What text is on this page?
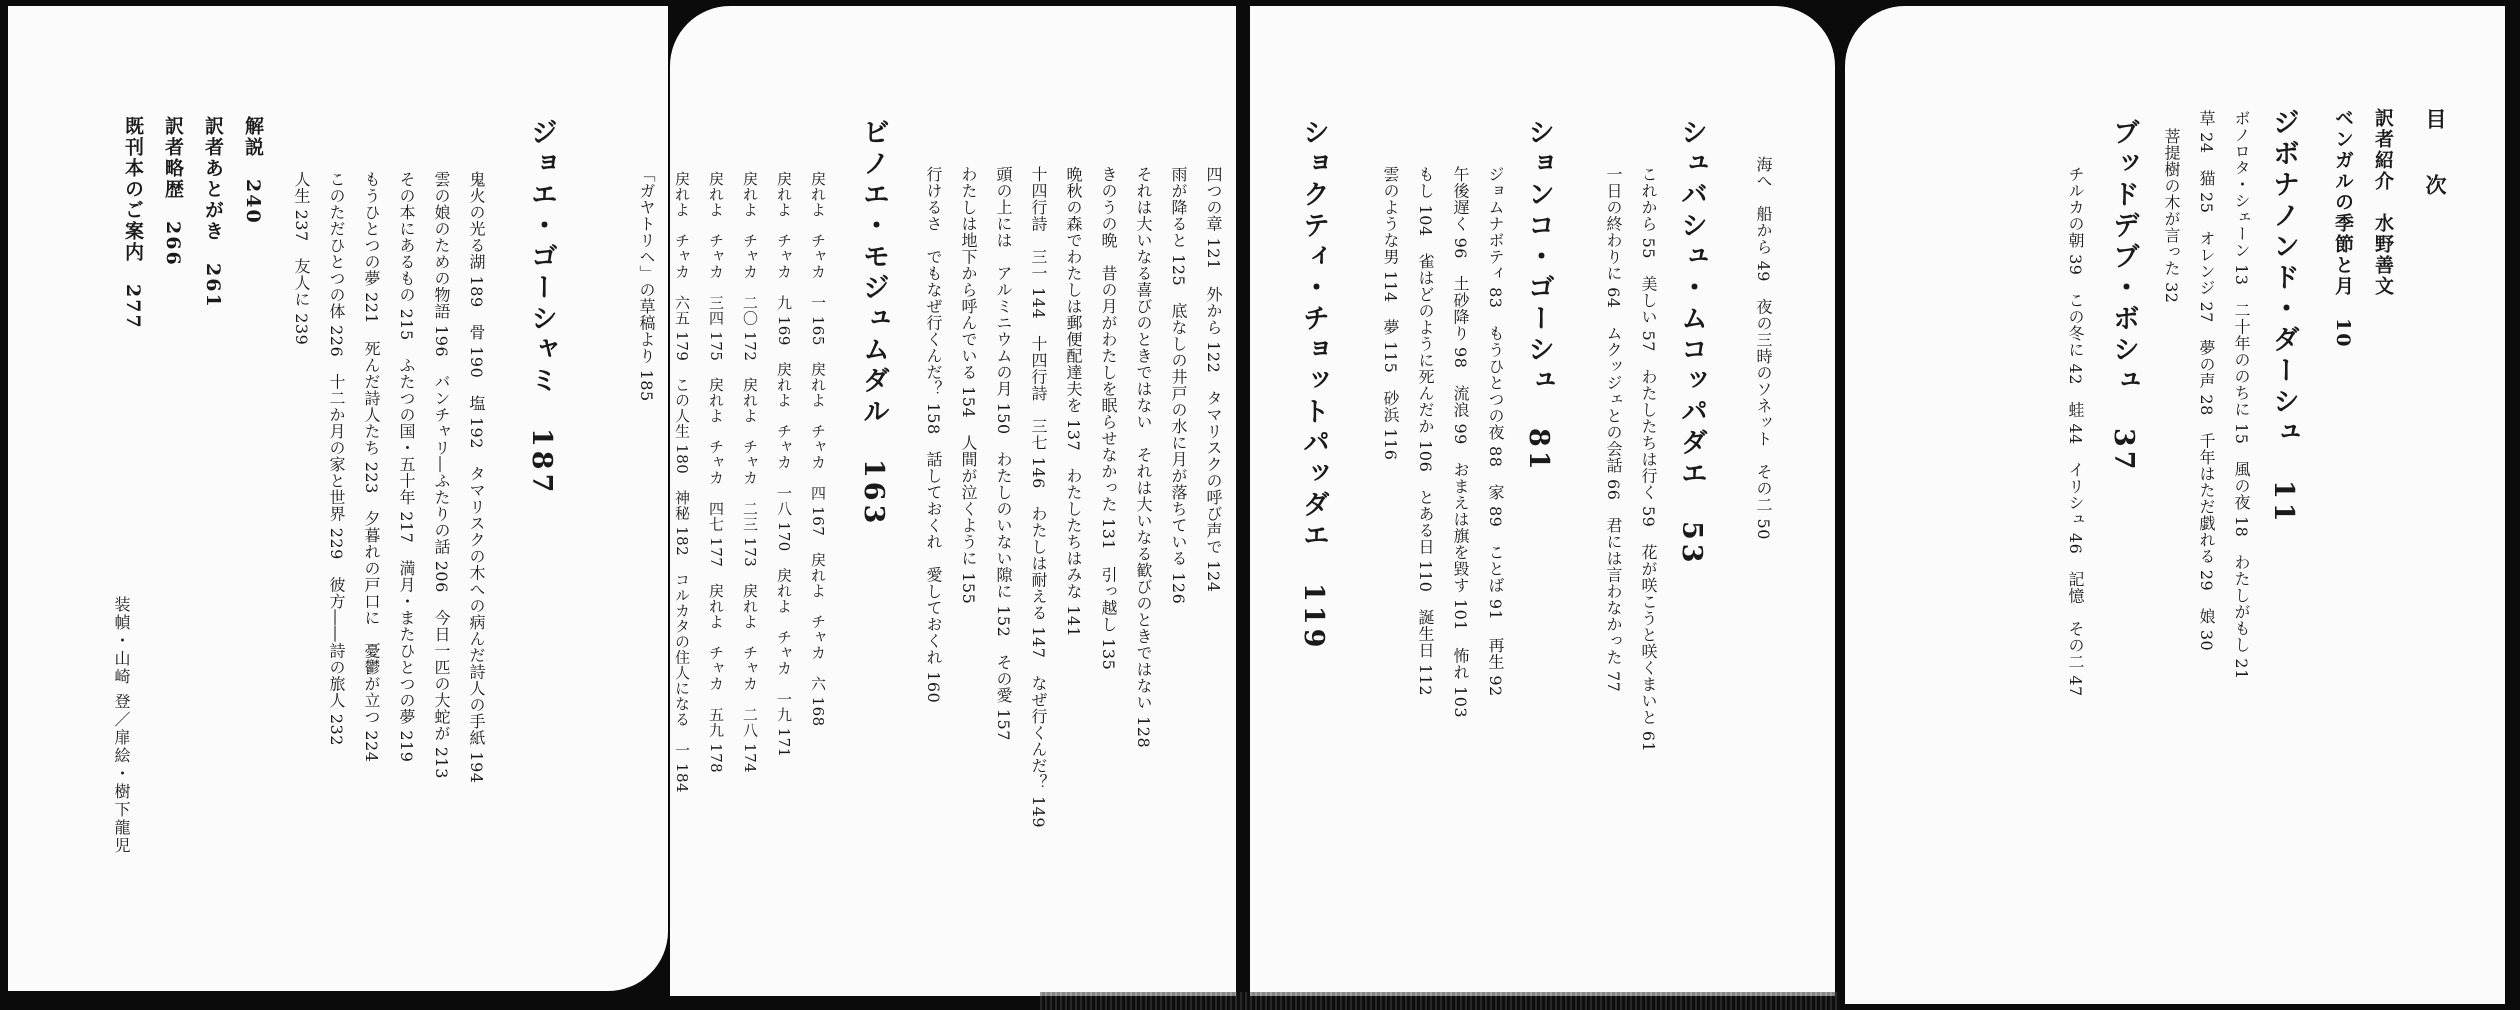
目　次
訳者紹介　水野善文
ベンガルの季節と月　10
ジボナノンド・ダーシュ　11
ボノロタ・シェーン 13　二十年ののちに 15　風の夜 18　わたしがもし 21
草 24　猫 25　オレンジ 27　夢の声 28　千年はただ戯れる 29　娘 30
菩提樹の木が言った 32
ブッドデブ・ボシュ　37
チルカの朝 39　この冬に 42　蛙 44　イリシュ 46　記憶　その二 47
海へ　船から 49　夜の三時のソネット　その二 50
シュバシュ・ムコッパダエ　53
これから 55　美しい 57　わたしたちは行く 59　花が咲こうと咲くまいと 61
一日の終わりに 64　ムクッジェとの会話 66　君には言わなかった 77
ションコ・ゴーシュ　81
ジョムナボティ 83　もうひとつの夜 88　家 89　ことば 91　再生 92
午後遅く 96　土砂降り 98　流浪 99　おまえは旗を毀す 101　怖れ 103
もし 104　雀はどのように死んだか 106　とある日 110　誕生日 112
雲のような男 114　夢 115　砂浜 116
ショクティ・チョットパッダエ　119
四つの章 121　外から 122　タマリスクの呼び声で 124
雨が降ると 125　底なしの井戸の水に月が落ちている 126
それは大いなる喜びのときではない　それは大いなる歓びのときではない 128
きのうの晩　昔の月がわたしを眠らせなかった 131　引っ越し 135
晩秋の森でわたしは郵便配達夫を 137　わたしたちはみな 141
十四行詩　三一 144　十四行詩　三七 146　わたしは耐える 147　なぜ行くんだ？ 149
頭の上には　アルミニウムの月 150　わたしのいない隙に 152　その愛 157
わたしは地下から呼んでいる 154　人間が泣くように 155
行けるさ　でもなぜ行くんだ？ 158　話しておくれ　愛しておくれ 160
ビノエ・モジュムダル　163
戻れよ　チャカ　一 165　戻れよ　チャカ　四 167　戻れよ　チャカ　六 168
戻れよ　チャカ　九 169　戻れよ　チャカ　一八 170　戻れよ　チャカ　一九 171
戻れよ　チャカ　二〇 172　戻れよ　チャカ　二三 173　戻れよ　チャカ　二八 174
戻れよ　チャカ　三四 175　戻れよ　チャカ　四七 177　戻れよ　チャカ　五九 178
戻れよ　チャカ　六五 179　この人生 180　神秘 182　コルカタの住人になる　一 184
「ガヤトリヘ」の草稿より 185
ジョエ・ゴーシャミ　187
鬼火の光る湖 189　骨 190　塩 192　タマリスクの木への病んだ詩人の手紙 194
雲の娘のための物語 196　バンチャリ―ふたりの話 206　今日一匹の大蛇が 213
その本にあるもの 215　ふたつの国・五十年 217　満月・またひとつの夢 219
もうひとつの夢 221　死んだ詩人たち 223　夕暮れの戸口に　憂鬱が立つ 224
このただひとつの体 226　十二か月の家と世界 229　彼方――詩の旅人 232
人生 237　友人に 239
解説　240
訳者あとがき　261
訳者略歴　266
既刊本のご案内　277
装幀・山崎 登／扉絵・樹下龍児
